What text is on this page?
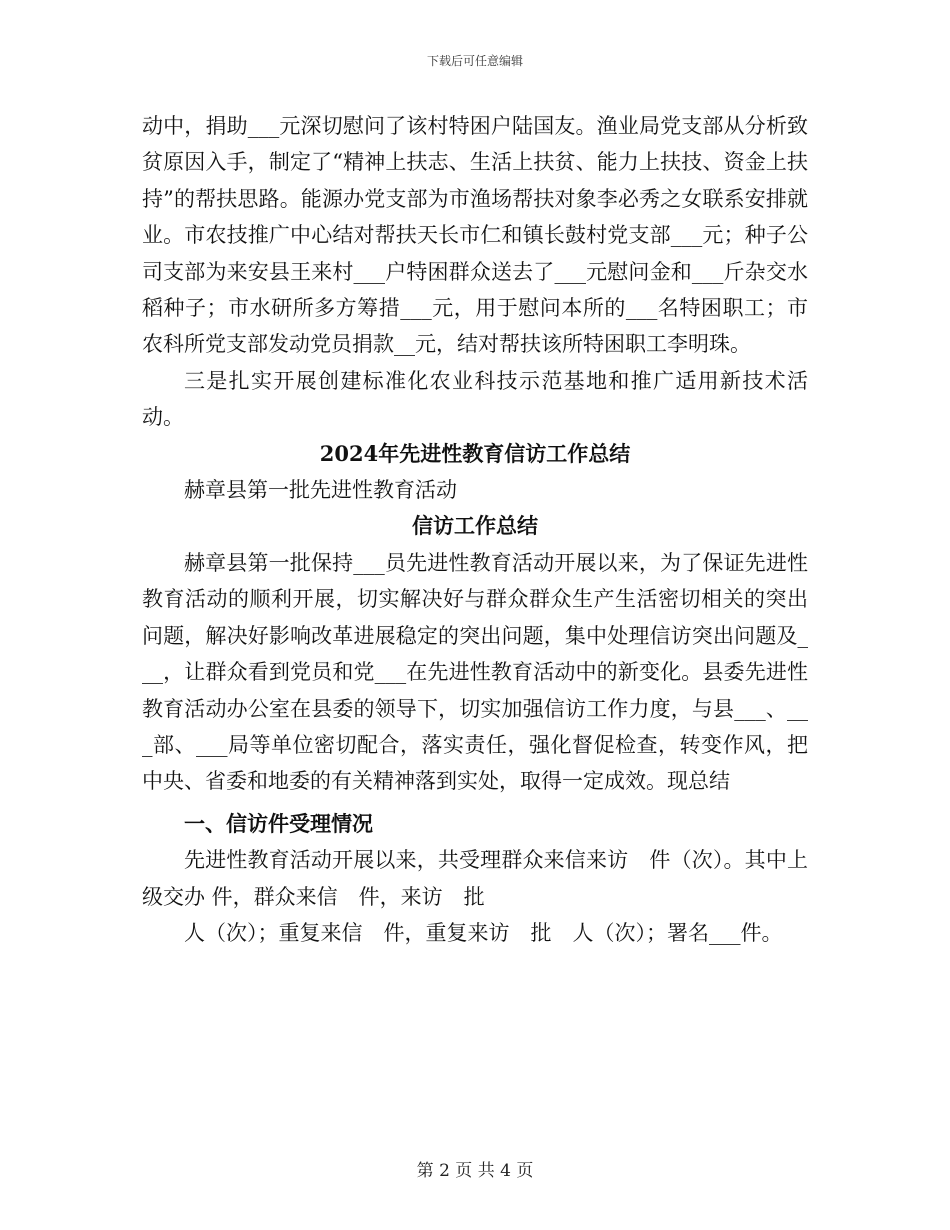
下载后可任意编辑

动中，捐助___元深切慰问了该村特困户陆国友。渔业局党支部从分析致贫原因入手，制定了“精神上扶志、生活上扶贫、能力上扶技、资金上扶持”的帮扶思路。能源办党支部为市渔场帮扶对象李必秀之女联系安排就业。市农技推广中心结对帮扶天长市仁和镇长鼓村党支部___元；种子公司支部为来安县王来村___户特困群众送去了___元慰问金和___斤杂交水稻种子；市水研所多方筹措___元，用于慰问本所的___名特困职工；市农科所党支部发动党员捐款__元，结对帮扶该所特困职工李明珠。

三是扎实开展创建标准化农业科技示范基地和推广适用新技术活动。

2024年先进性教育信访工作总结

赫章县第一批先进性教育活动

信访工作总结

赫章县第一批保持___员先进性教育活动开展以来，为了保证先进性教育活动的顺利开展，切实解决好与群众群众生产生活密切相关的突出问题，解决好影响改革进展稳定的突出问题，集中处理信访突出问题及___，让群众看到党员和党___在先进性教育活动中的新变化。县委先进性教育活动办公室在县委的领导下，切实加强信访工作力度，与县___、___部、___局等单位密切配合，落实责任，强化督促检查，转变作风，把中央、省委和地委的有关精神落到实处，取得一定成效。现总结

一、信访件受理情况

先进性教育活动开展以来，共受理群众来信来访　件（次）。其中上级交办 件，群众来信　件，来访　批

人（次）；重复来信　件，重复来访　批　人（次）；署名___件。

第 2 页 共 4 页
